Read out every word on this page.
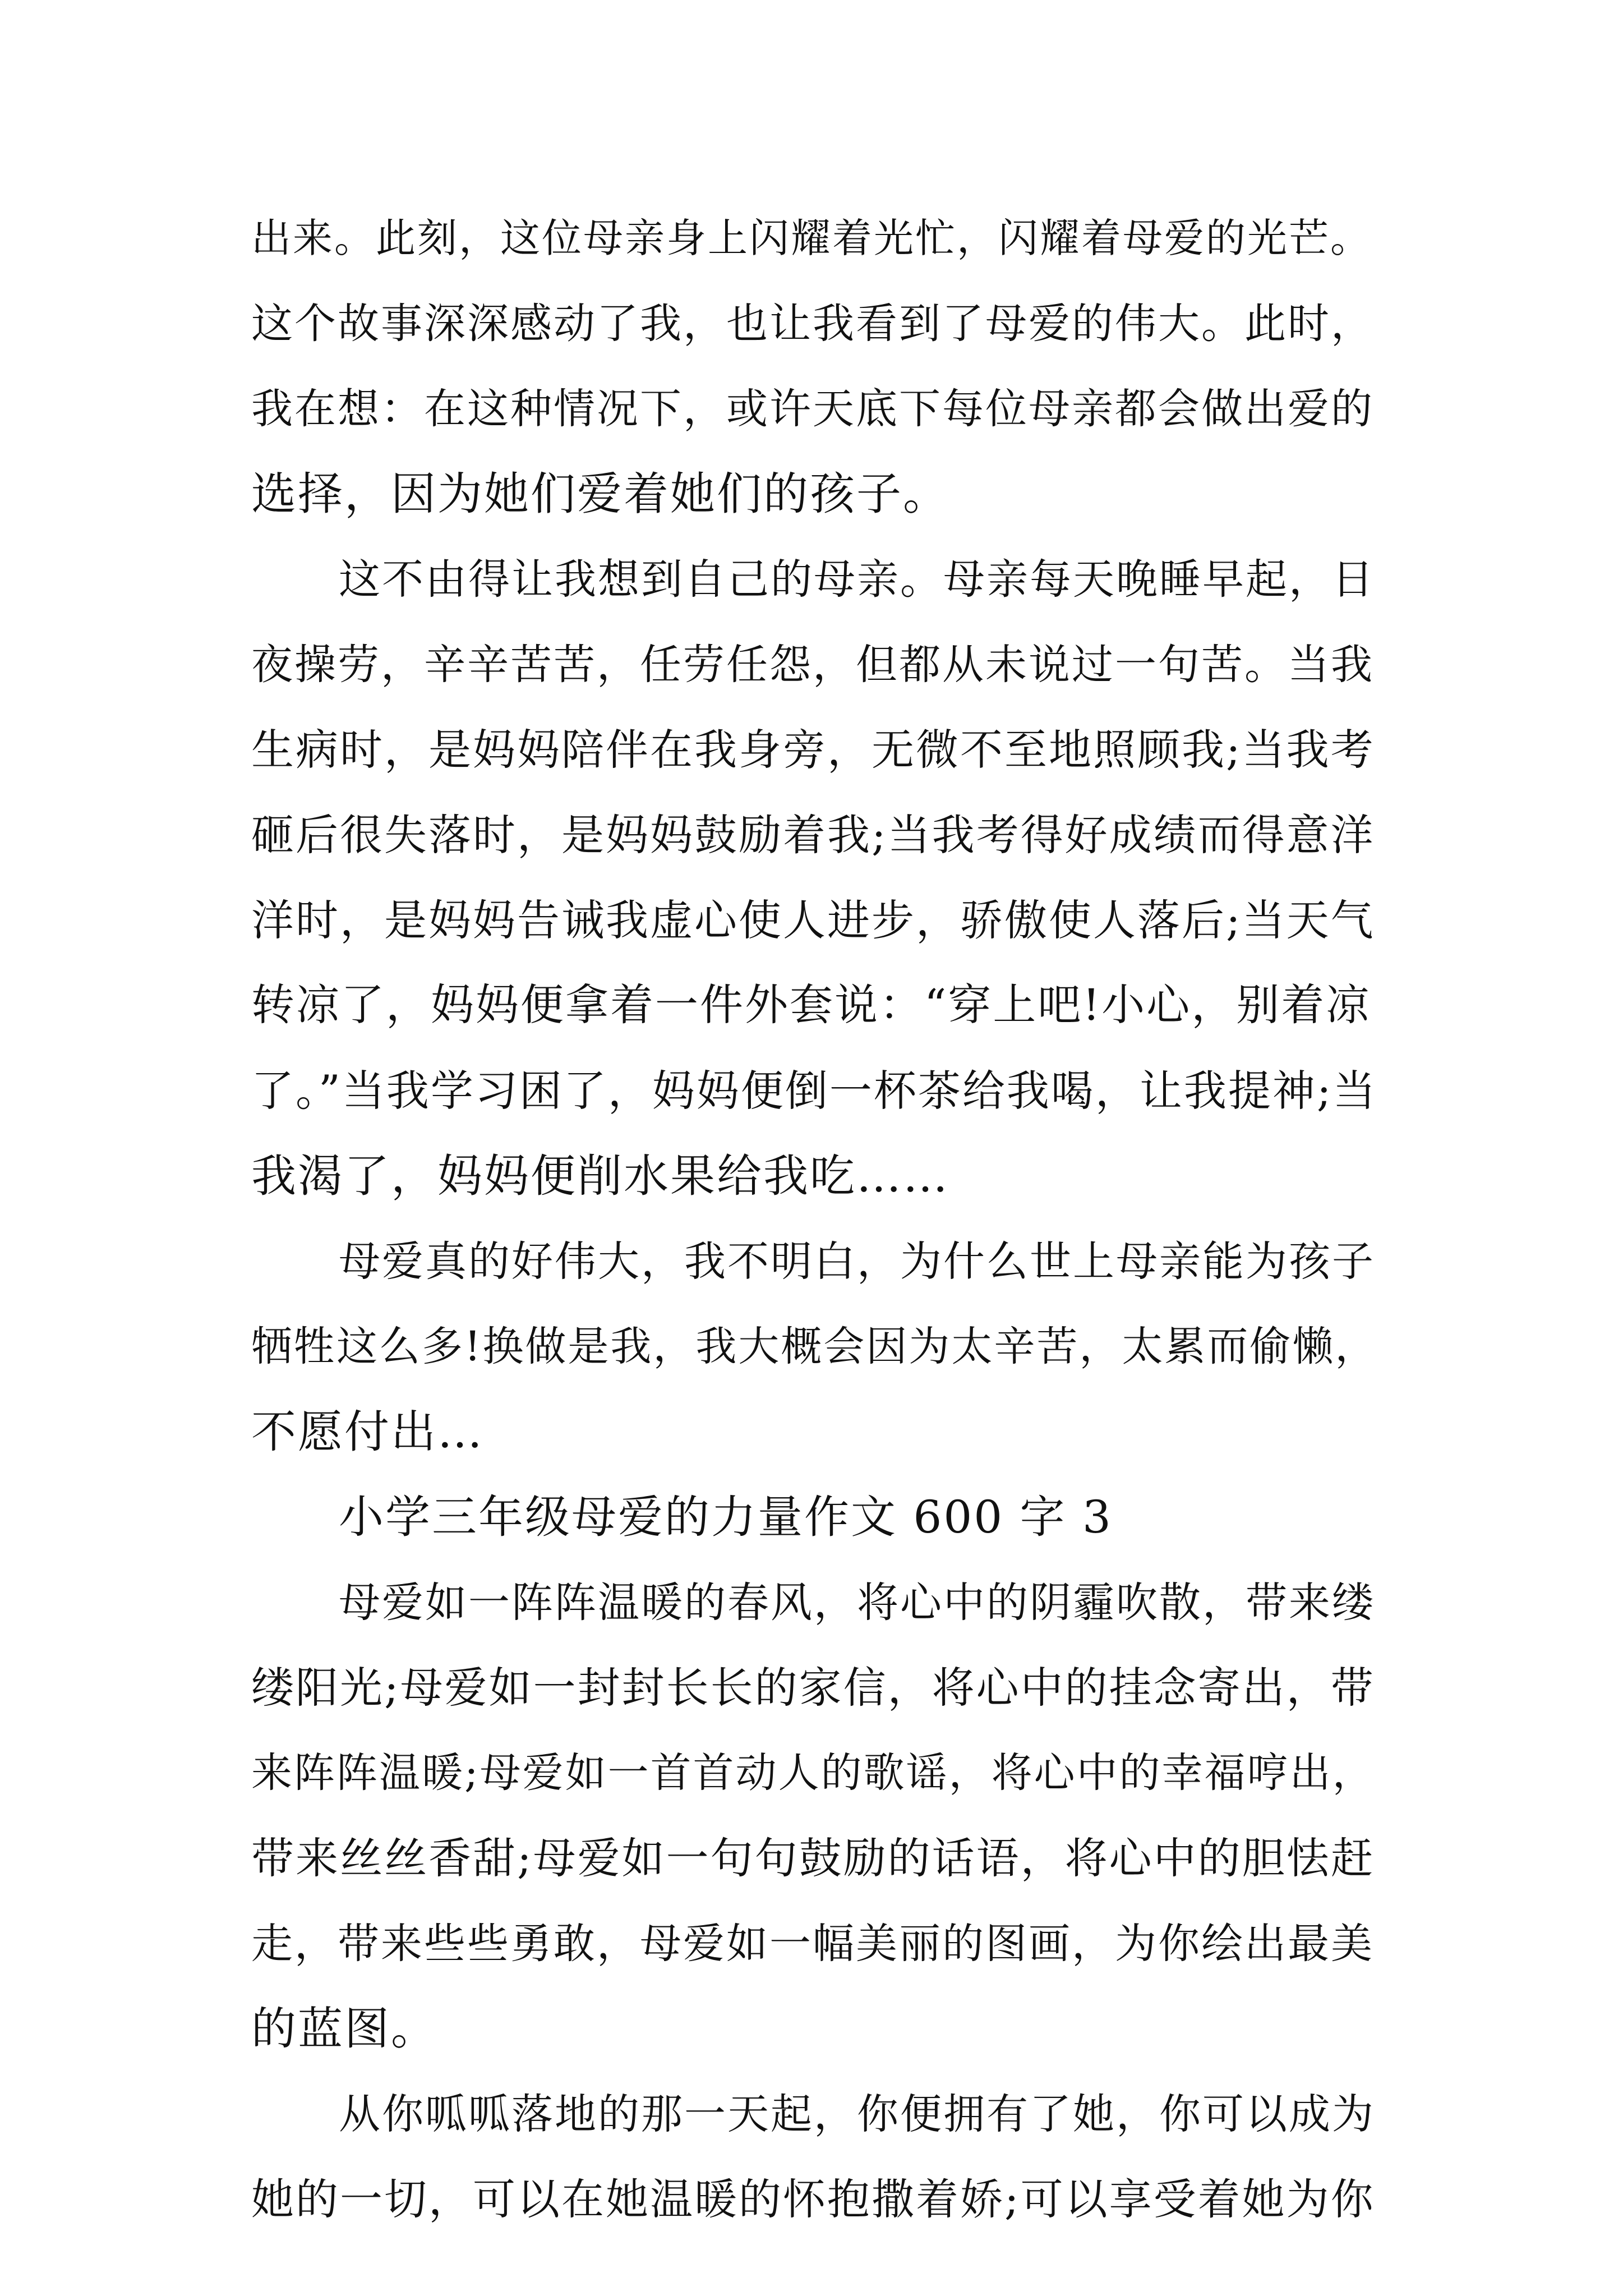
出来。此刻，这位母亲身上闪耀着光忙，闪耀着母爱的光芒。
这个故事深深感动了我，也让我看到了母爱的伟大。此时，
我在想：在这种情况下，或许天底下每位母亲都会做出爱的
选择，因为她们爱着她们的孩子。
这不由得让我想到自己的母亲。母亲每天晚睡早起，日
夜操劳，辛辛苦苦，任劳任怨，但都从未说过一句苦。当我
生病时，是妈妈陪伴在我身旁，无微不至地照顾我;当我考
砸后很失落时，是妈妈鼓励着我;当我考得好成绩而得意洋
洋时，是妈妈告诫我虚心使人进步，骄傲使人落后;当天气
转凉了，妈妈便拿着一件外套说：“穿上吧!小心，别着凉
了。”当我学习困了，妈妈便倒一杯茶给我喝，让我提神;当
我渴了，妈妈便削水果给我吃……
母爱真的好伟大，我不明白，为什么世上母亲能为孩子
牺牲这么多!换做是我，我大概会因为太辛苦，太累而偷懒，
不愿付出…
小学三年级母爱的力量作文 600 字 3
母爱如一阵阵温暖的春风，将心中的阴霾吹散，带来缕
缕阳光;母爱如一封封长长的家信，将心中的挂念寄出，带
来阵阵温暖;母爱如一首首动人的歌谣，将心中的幸福哼出，
带来丝丝香甜;母爱如一句句鼓励的话语，将心中的胆怯赶
走，带来些些勇敢，母爱如一幅美丽的图画，为你绘出最美
的蓝图。
从你呱呱落地的那一天起，你便拥有了她，你可以成为
她的一切，可以在她温暖的怀抱撒着娇;可以享受着她为你
